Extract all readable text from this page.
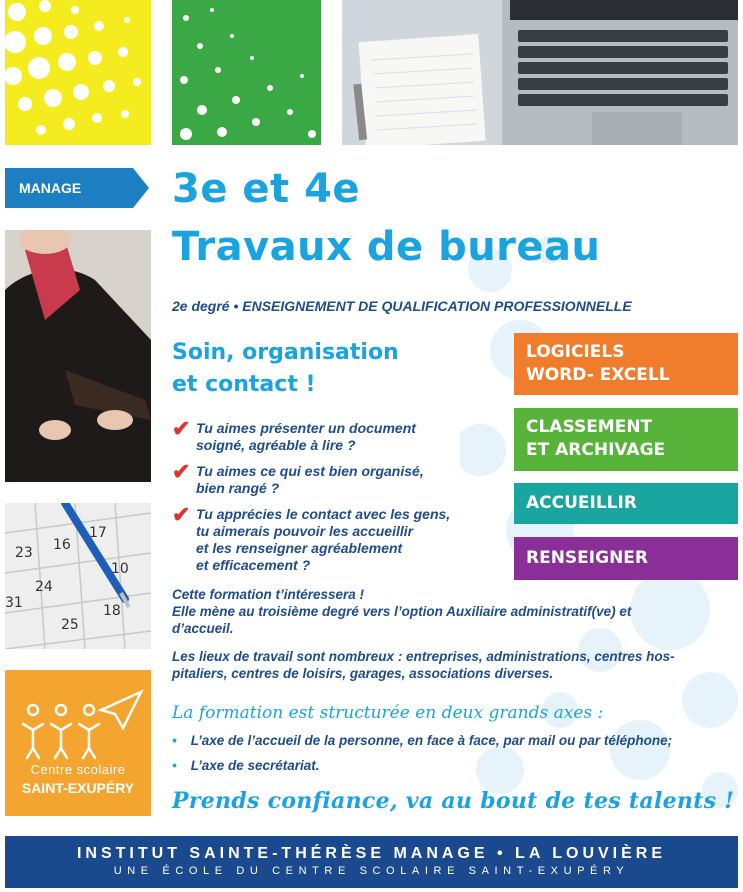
MANAGE	3e et 4e
Travaux de bureau
2e degré • ENSEIGNEMENT DE QUALIFICATION PROFESSIONNELLE
23 16
17
10
24
18
31
25
Centre scolaire
SAINT-EXUPÉRY
Soin, organisation
et contact !
✔ Tu aimes présenter un document
soigné, agréable à lire ?
✔ Tu aimes ce qui est bien organisé,
bien rangé ?
✔ Tu apprécies le contact avec les gens,
tu aimerais pouvoir les accueillir
et les renseigner agréablement
et efficacement ?
LOGICIELS
WORD- EXCELL
CLASSEMENT
ET ARCHIVAGE
ACCUEILLIR
RENSEIGNER
Cette formation t’intéressera !
Elle mène au troisième degré vers l’option Auxiliaire administratif(ve) et
d’accueil.
Les lieux de travail sont nombreux : entreprises, administrations, centres hos-
pitaliers, centres de loisirs, garages, associations diverses.
La formation est structurée en deux grands axes :
• L’axe de l’accueil de la personne, en face à face, par mail ou par téléphone;
• L’axe de secrétariat.
Prends confiance, va au bout de tes talents !
INSTITUT SAINTE-THÉRÈSE MANAGE • LA LOUVIÈRE
UNE ÉCOLE DU CENTRE SCOLAIRE SAINT-EXUPÉRY
